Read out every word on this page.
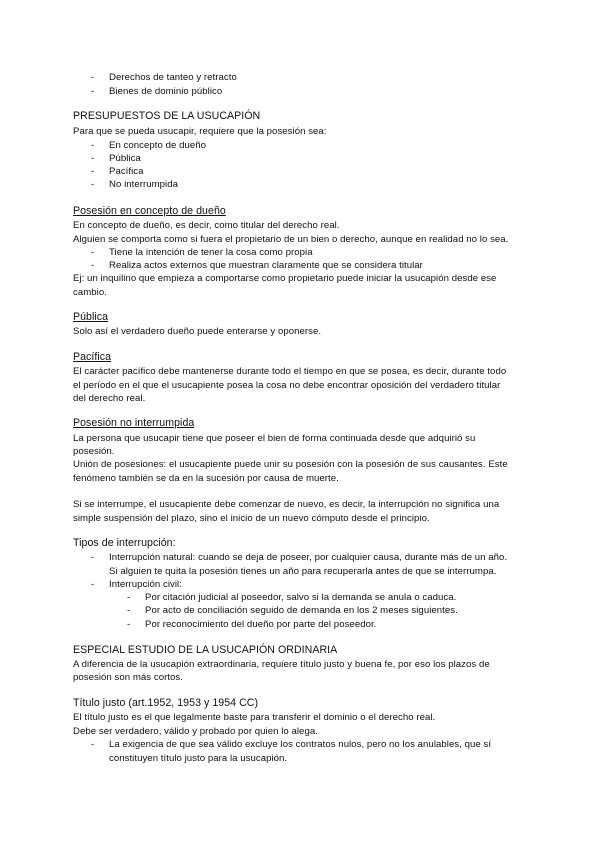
- Derechos de tanteo y retracto
- Bienes de dominio público
PRESUPUESTOS DE LA USUCAPIÓN
Para que se pueda usucapir, requiere que la posesión sea:
- En concepto de dueño
- Pública
- Pacífica
- No interrumpida
Posesión en concepto de dueño
En concepto de dueño, es decir, como titular del derecho real.
Alguien se comporta como si fuera el propietario de un bien o derecho, aunque en realidad no lo sea.
- Tiene la intención de tener la cosa como propia
- Realiza actos externos que muestran claramente que se considera titular
Ej: un inquilino que empieza a comportarse como propietario puede iniciar la usucapión desde ese
cambio.
Pública
Solo así el verdadero dueño puede enterarse y oponerse.
Pacífica
El carácter pacífico debe mantenerse durante todo el tiempo en que se posea, es decir, durante todo
el período en el que el usucapiente posea la cosa no debe encontrar oposición del verdadero titular
del derecho real.
Posesión no interrumpida
La persona que usucapir tiene que poseer el bien de forma continuada desde que adquirió su
posesión.
Unión de posesiones: el usucapiente puede unir su posesión con la posesión de sus causantes. Este
fenómeno también se da en la sucesión por causa de muerte.
Si se interrumpe, el usucapiente debe comenzar de nuevo, es decir, la interrupción no significa una
simple suspensión del plazo, sino el inicio de un nuevo cómputo desde el principio.
Tipos de interrupción:
- Interrupción natural: cuando se deja de poseer, por cualquier causa, durante más de un año.
Si alguien te quita la posesión tienes un año para recuperarla antes de que se interrumpa.
- Interrupción civil:
- Por citación judicial al poseedor, salvo si la demanda se anula o caduca.
- Por acto de conciliación seguido de demanda en los 2 meses siguientes.
- Por reconocimiento del dueño por parte del poseedor.
ESPECIAL ESTUDIO DE LA USUCAPIÓN ORDINARIA
A diferencia de la usucapión extraordinaria, requiere título justo y buena fe, por eso los plazos de
posesión son más cortos.
Título justo (art.1952, 1953 y 1954 CC)
El título justo es el que legalmente baste para transferir el dominio o el derecho real.
Debe ser verdadero, válido y probado por quien lo alega.
- La exigencia de que sea válido excluye los contratos nulos, pero no los anulables, que sí
constituyen título justo para la usucapión.
